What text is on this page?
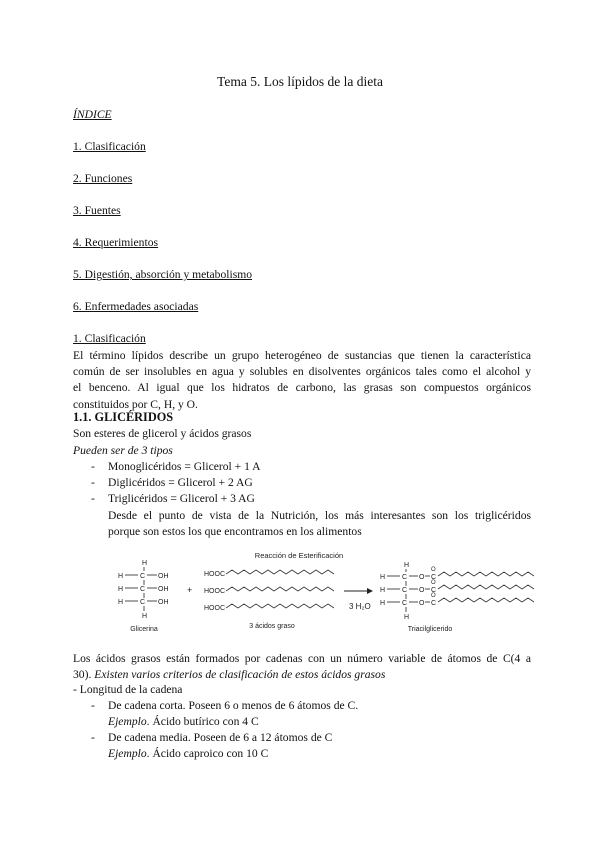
Tema 5. Los lípidos de la dieta
ÍNDICE
1. Clasificación
2. Funciones
3. Fuentes
4. Requerimientos
5. Digestión, absorción y metabolismo
6. Enfermedades asociadas
1. Clasificación
El término lípidos describe un grupo heterogéneo de sustancias que tienen la característica
común de ser insolubles en agua y solubles en disolventes orgánicos tales como el alcohol y
el benceno. Al igual que los hidratos de carbono, las grasas son compuestos orgánicos
constituidos por C, H, y O.
1.1. GLICÉRIDOS
Son esteres de glicerol y ácidos grasos
Pueden ser de 3 tipos
- Monoglicéridos = Glicerol + 1 A
- Diglicéridos = Glicerol + 2 AG
- Triglicéridos = Glicerol + 3 AG
Desde el punto de vista de la Nutrición, los más interesantes son los triglicéridos
porque son estos los que encontramos en los alimentos
Reacción de Esterificación
H
H C OH
H C OH
H C OH
H
Glicerina
+
HOOC
HOOC
HOOC
3 ácidos graso
3 H₂O
H
H C O C
O
H C O C
O
H C O C
O
H
Triacilglicerido
Los ácidos grasos están formados por cadenas con un número variable de átomos de C(4 a
30). Existen varios criterios de clasificación de estos ácidos grasos
- Longitud de la cadena
- De cadena corta. Poseen 6 o menos de 6 átomos de C.
Ejemplo. Ácido butírico con 4 C
- De cadena media. Poseen de 6 a 12 átomos de C
Ejemplo. Ácido caproico con 10 C
